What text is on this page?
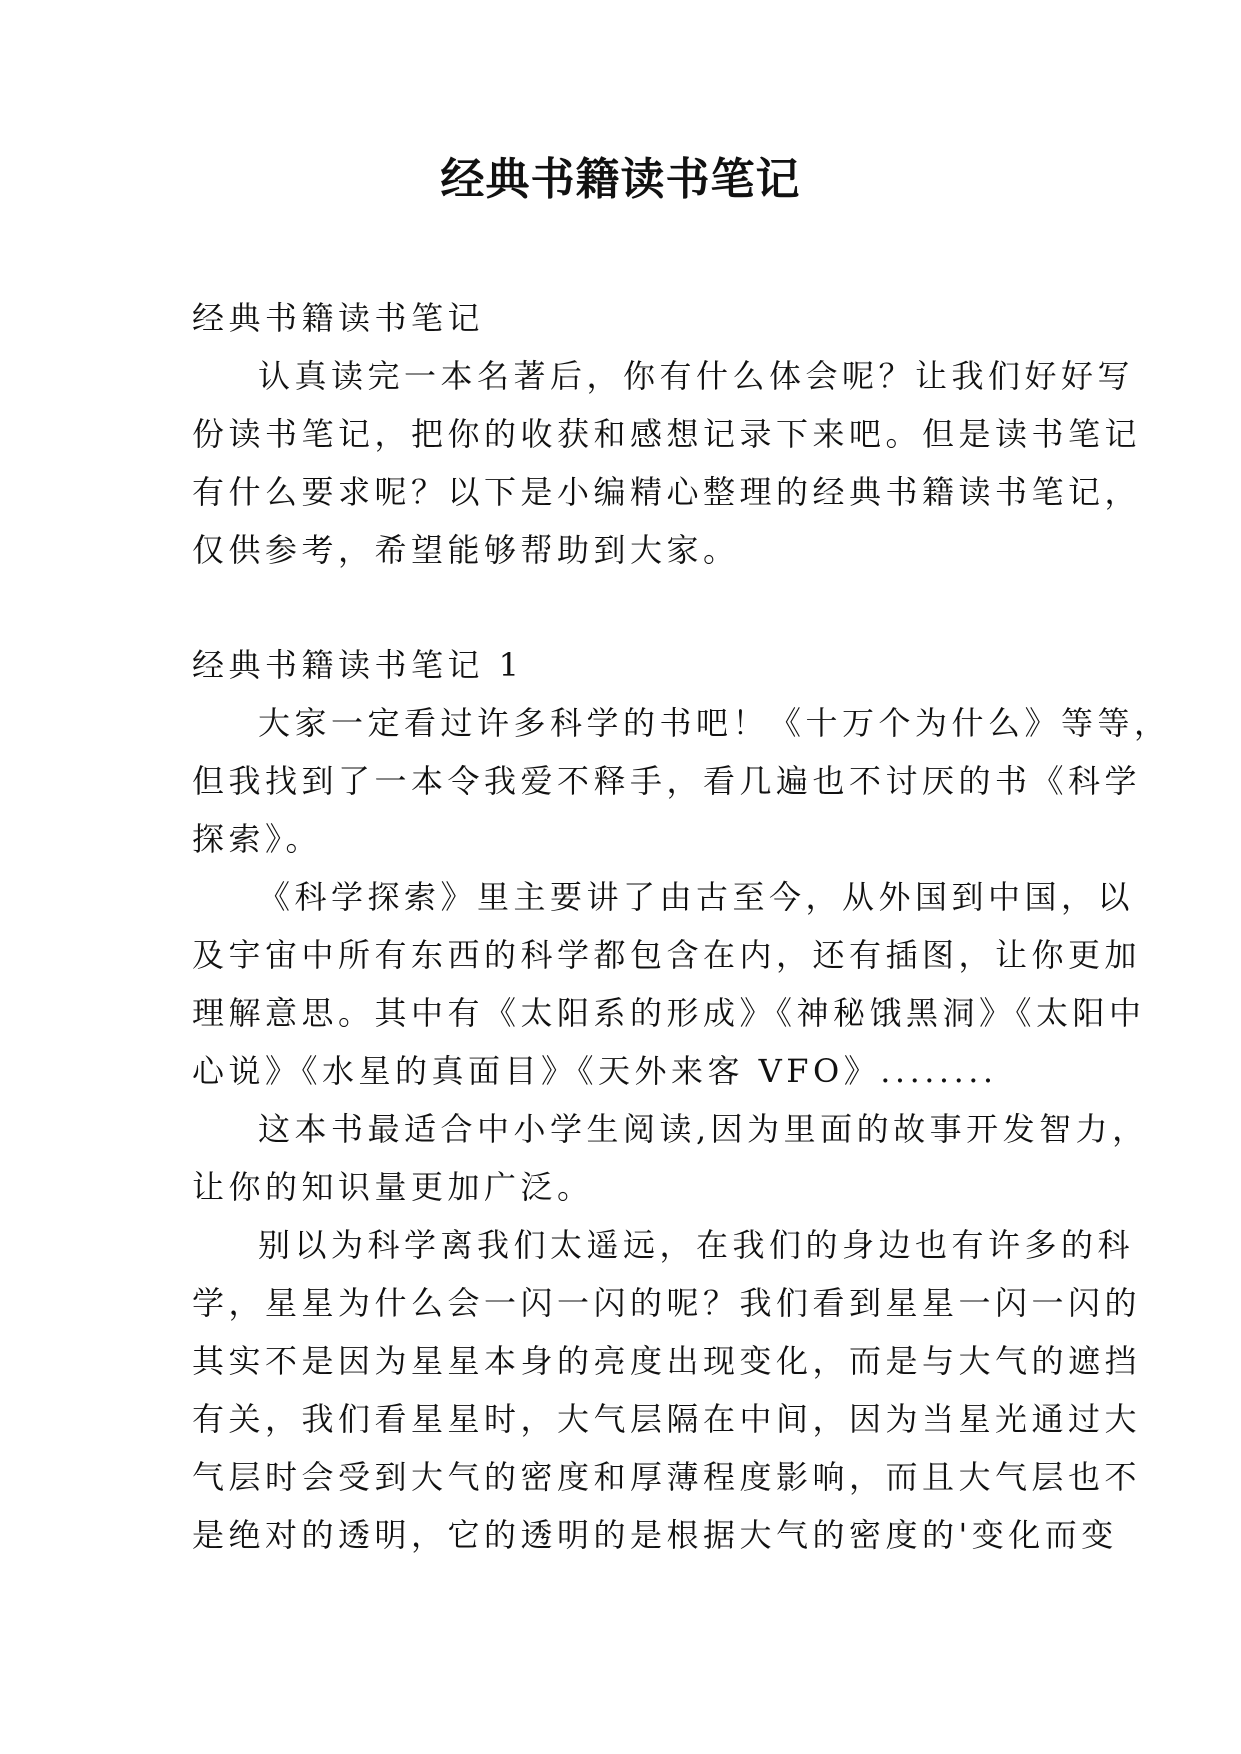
经典书籍读书笔记
经典书籍读书笔记
认真读完一本名著后，你有什么体会呢？让我们好好写
份读书笔记，把你的收获和感想记录下来吧。但是读书笔记
有什么要求呢？以下是小编精心整理的经典书籍读书笔记，
仅供参考，希望能够帮助到大家。
经典书籍读书笔记 1
大家一定看过许多科学的书吧！《十万个为什么》等等，
但我找到了一本令我爱不释手，看几遍也不讨厌的书《科学
探索》。
《科学探索》里主要讲了由古至今，从外国到中国，以
及宇宙中所有东西的科学都包含在内，还有插图，让你更加
理解意思。其中有《太阳系的形成》《神秘饿黑洞》《太阳中
心说》《水星的真面目》《天外来客 VFO》........
这本书最适合中小学生阅读,因为里面的故事开发智力，
让你的知识量更加广泛。
别以为科学离我们太遥远，在我们的身边也有许多的科
学，星星为什么会一闪一闪的呢？我们看到星星一闪一闪的
其实不是因为星星本身的亮度出现变化，而是与大气的遮挡
有关，我们看星星时，大气层隔在中间，因为当星光通过大
气层时会受到大气的密度和厚薄程度影响，而且大气层也不
是绝对的透明，它的透明的是根据大气的密度的'变化而变
